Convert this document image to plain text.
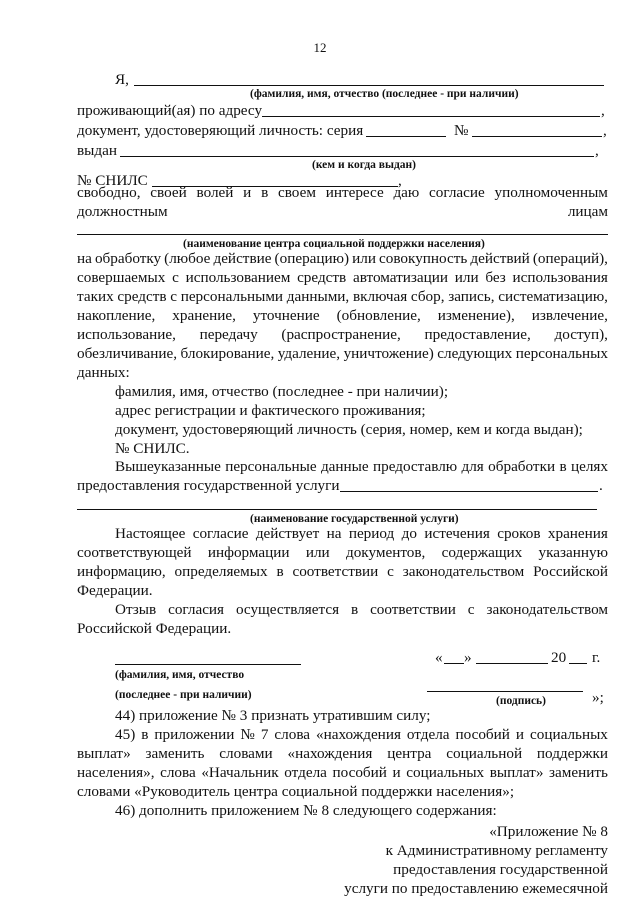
12
Я,
(фамилия, имя, отчество (последнее - при наличии)
проживающий(ая) по адресу	,
документ, удостоверяющий личность: серия	№	,
выдан	,
(кем и когда выдан)
№ СНИЛС	,
свободно, своей волей и в своем интересе даю согласие уполномоченным
должностным	лицам
(наименование центра социальной поддержки населения)
на обработку (любое действие (операцию) или совокупность действий (операций),
совершаемых с использованием средств автоматизации или без использования
таких средств с персональными данными, включая сбор, запись, систематизацию,
накопление, хранение, уточнение (обновление, изменение), извлечение,
использование, передачу (распространение, предоставление, доступ),
обезличивание, блокирование, удаление, уничтожение) следующих персональных
данных:
фамилия, имя, отчество (последнее - при наличии);
адрес регистрации и фактического проживания;
документ, удостоверяющий личность (серия, номер, кем и когда выдан);
№ СНИЛС.
Вышеуказанные персональные данные предоставлю для обработки в целях
предоставления государственной услуги	.
(наименование государственной услуги)
Настоящее согласие действует на период до истечения сроков хранения
соответствующей информации или документов, содержащих указанную
информацию, определяемых в соответствии с законодательством Российской
Федерации.
Отзыв согласия осуществляется в соответствии с законодательством
Российской Федерации.
(фамилия, имя, отчество
(последнее - при наличии)
« »	20 г.
(подпись)	»;
44) приложение № 3 признать утратившим силу;
45) в приложении № 7 слова «нахождения отдела пособий и социальных
выплат» заменить словами «нахождения центра социальной поддержки
населения», слова «Начальник отдела пособий и социальных выплат» заменить
словами «Руководитель центра социальной поддержки населения»;
46) дополнить приложением № 8 следующего содержания:
«Приложение № 8
к Административному регламенту
предоставления государственной
услуги по предоставлению ежемесячной
